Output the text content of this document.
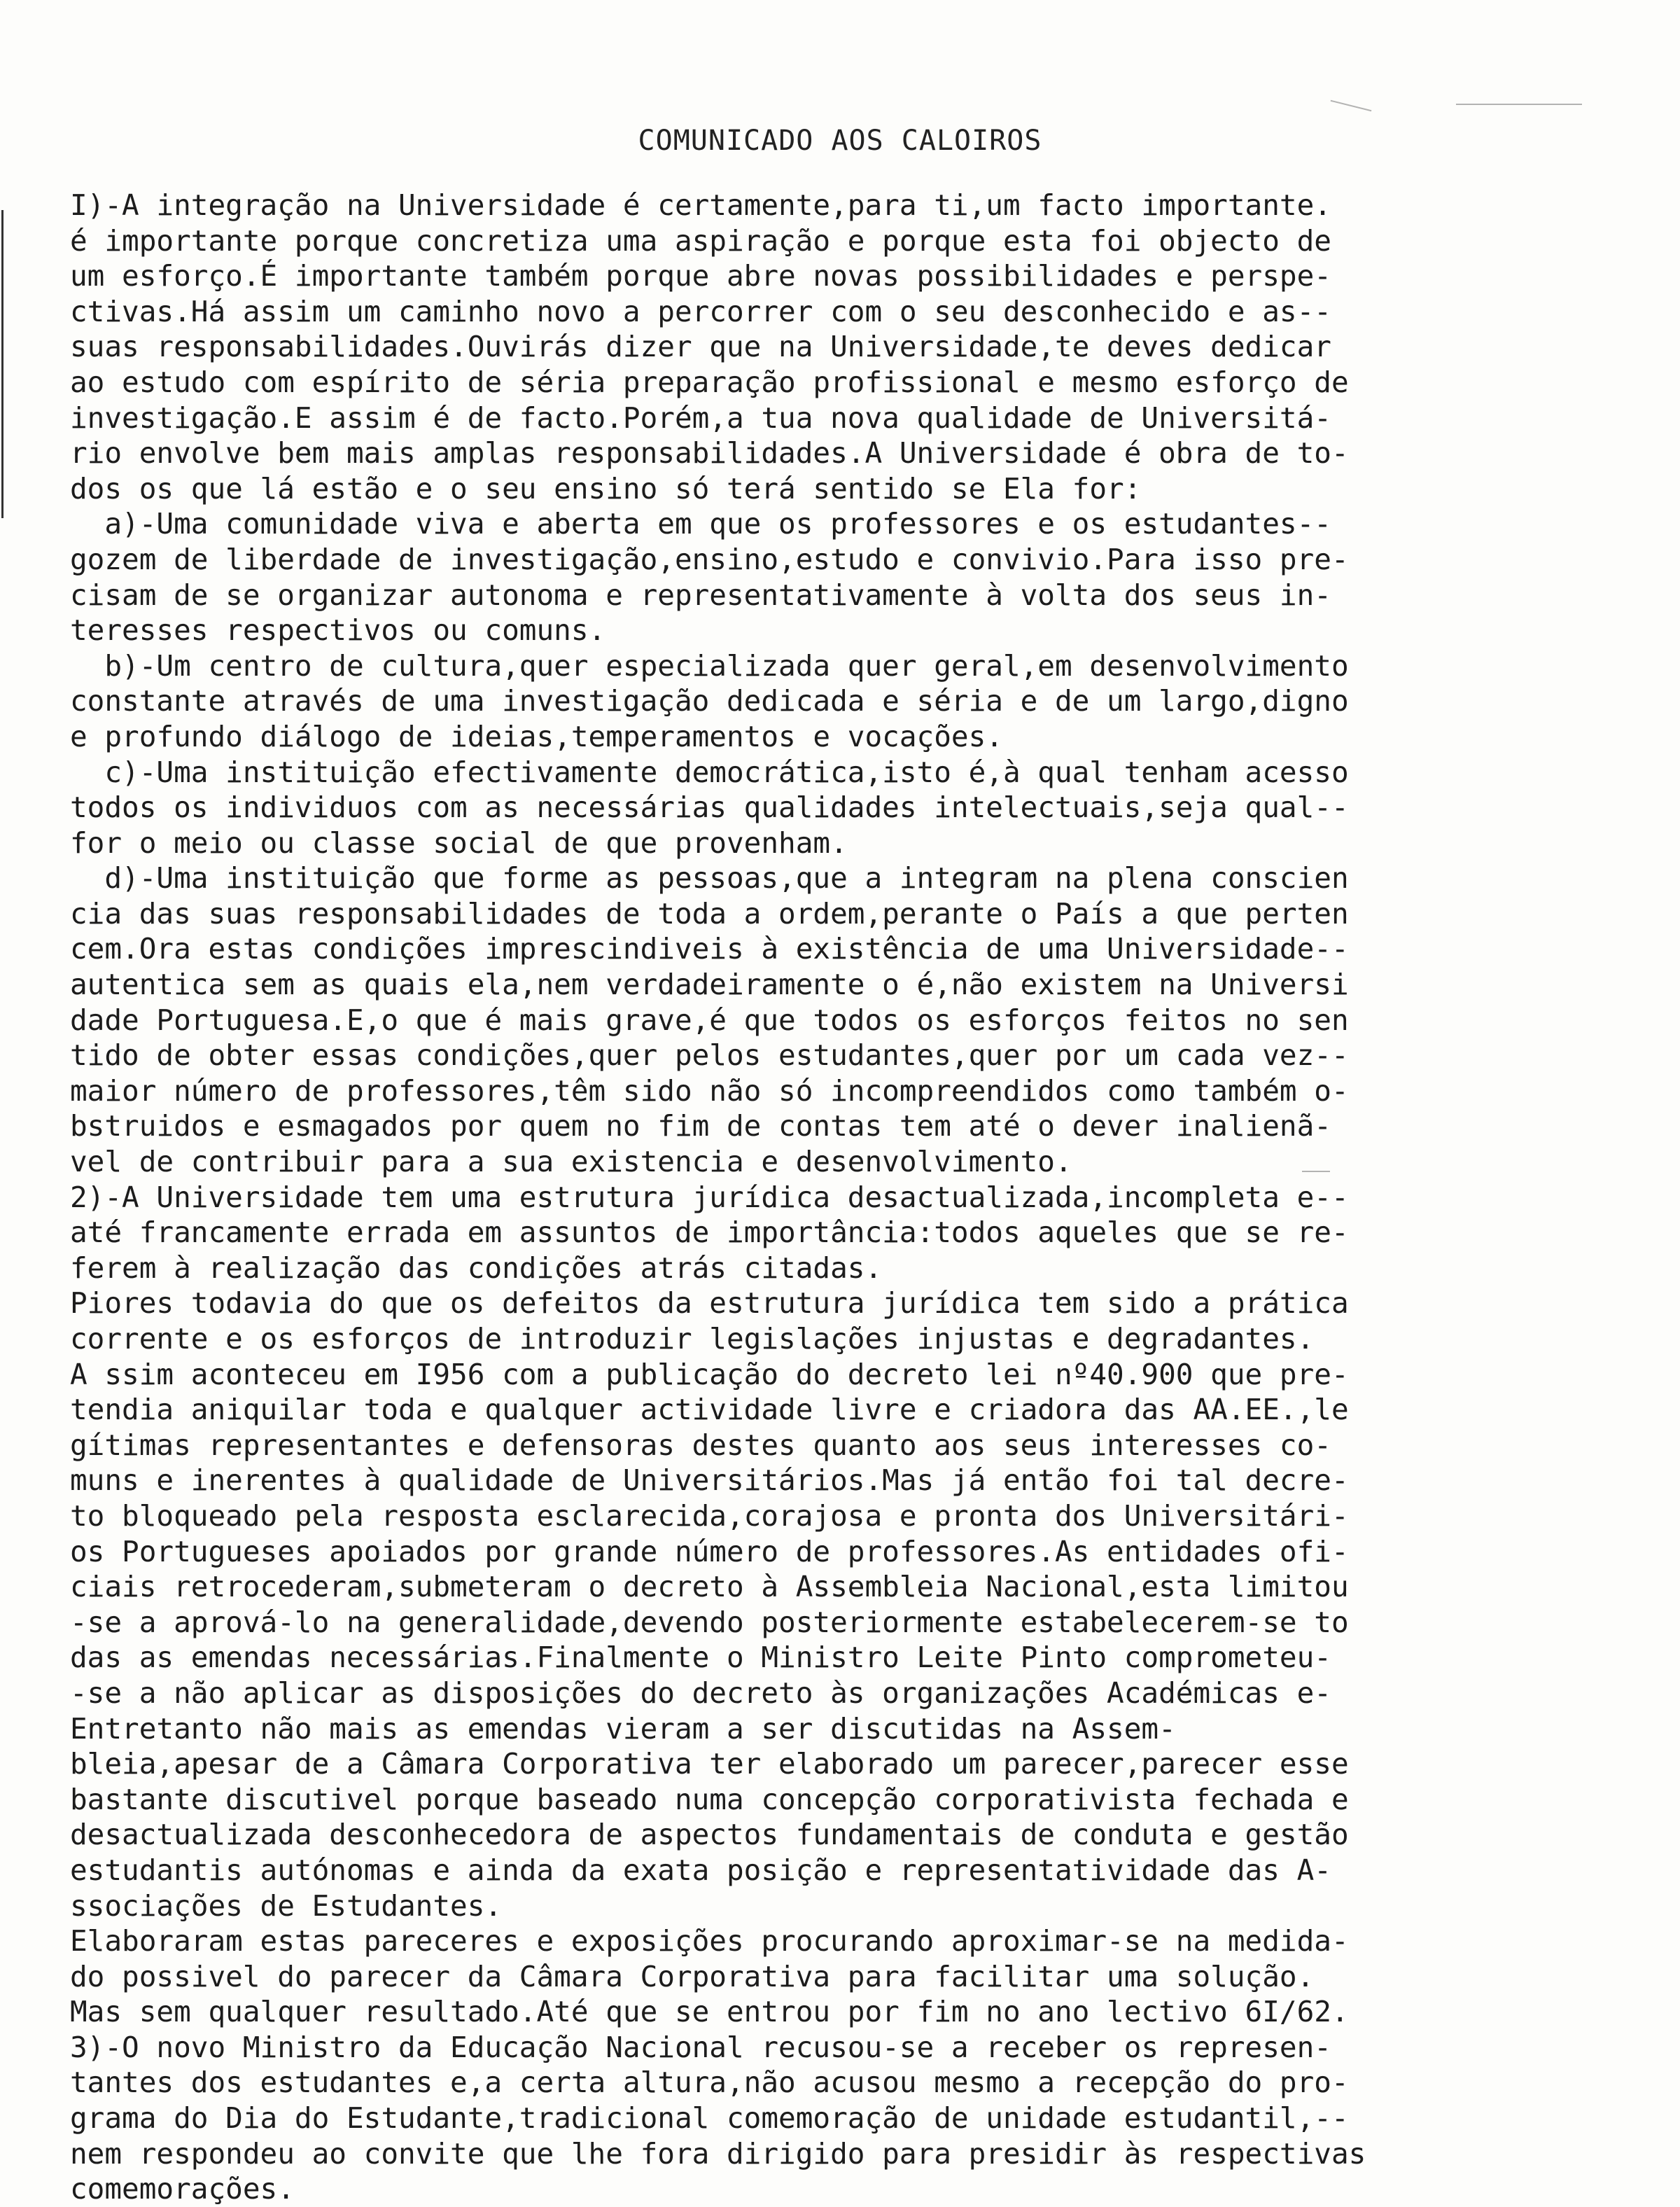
COMUNICADO AOS CALOIROS
I)-A integração na Universidade é certamente,para ti,um facto importante.
é importante porque concretiza uma aspiração e porque esta foi objecto de
um esforço.É importante também porque abre novas possibilidades e perspe-
ctivas.Há assim um caminho novo a percorrer com o seu desconhecido e as--
suas responsabilidades.Ouvirás dizer que na Universidade,te deves dedicar
ao estudo com espírito de séria preparação profissional e mesmo esforço de
investigação.E assim é de facto.Porém,a tua nova qualidade de Universitá-
rio envolve bem mais amplas responsabilidades.A Universidade é obra de to-
dos os que lá estão e o seu ensino só terá sentido se Ela for:
a)-Uma comunidade viva e aberta em que os professores e os estudantes--
gozem de liberdade de investigação,ensino,estudo e convivio.Para isso pre-
cisam de se organizar autonoma e representativamente à volta dos seus in-
teresses respectivos ou comuns.
b)-Um centro de cultura,quer especializada quer geral,em desenvolvimento
constante através de uma investigação dedicada e séria e de um largo,digno
e profundo diálogo de ideias,temperamentos e vocações.
c)-Uma instituição efectivamente democrática,isto é,à qual tenham acesso
todos os individuos com as necessárias qualidades intelectuais,seja qual--
for o meio ou classe social de que provenham.
d)-Uma instituição que forme as pessoas,que a integram na plena conscien
cia das suas responsabilidades de toda a ordem,perante o País a que perten
cem.Ora estas condições imprescindiveis à existência de uma Universidade--
autentica sem as quais ela,nem verdadeiramente o é,não existem na Universi
dade Portuguesa.E,o que é mais grave,é que todos os esforços feitos no sen
tido de obter essas condições,quer pelos estudantes,quer por um cada vez--
maior número de professores,têm sido não só incompreendidos como também o-
bstruidos e esmagados por quem no fim de contas tem até o dever inalienã-
vel de contribuir para a sua existencia e desenvolvimento.
2)-A Universidade tem uma estrutura jurídica desactualizada,incompleta e--
até francamente errada em assuntos de importância:todos aqueles que se re-
ferem à realização das condições atrás citadas.
Piores todavia do que os defeitos da estrutura jurídica tem sido a prática
corrente e os esforços de introduzir legislações injustas e degradantes.
A ssim aconteceu em I956 com a publicação do decreto lei nº40.900 que pre-
tendia aniquilar toda e qualquer actividade livre e criadora das AA.EE.,le
gítimas representantes e defensoras destes quanto aos seus interesses co-
muns e inerentes à qualidade de Universitários.Mas já então foi tal decre-
to bloqueado pela resposta esclarecida,corajosa e pronta dos Universitári-
os Portugueses apoiados por grande número de professores.As entidades ofi-
ciais retrocederam,submeteram o decreto à Assembleia Nacional,esta limitou
-se a aprová-lo na generalidade,devendo posteriormente estabelecerem-se to
das as emendas necessárias.Finalmente o Ministro Leite Pinto comprometeu-
-se a não aplicar as disposições do decreto às organizações Académicas e-
Entretanto não mais as emendas vieram a ser discutidas na Assem-
bleia,apesar de a Câmara Corporativa ter elaborado um parecer,parecer esse
bastante discutivel porque baseado numa concepção corporativista fechada e
desactualizada desconhecedora de aspectos fundamentais de conduta e gestão
estudantis autónomas e ainda da exata posição e representatividade das A-
ssociações de Estudantes.
Elaboraram estas pareceres e exposições procurando aproximar-se na medida-
do possivel do parecer da Câmara Corporativa para facilitar uma solução.
Mas sem qualquer resultado.Até que se entrou por fim no ano lectivo 6I/62.
3)-O novo Ministro da Educação Nacional recusou-se a receber os represen-
tantes dos estudantes e,a certa altura,não acusou mesmo a recepção do pro-
grama do Dia do Estudante,tradicional comemoração de unidade estudantil,--
nem respondeu ao convite que lhe fora dirigido para presidir às respectivas
comemorações.
